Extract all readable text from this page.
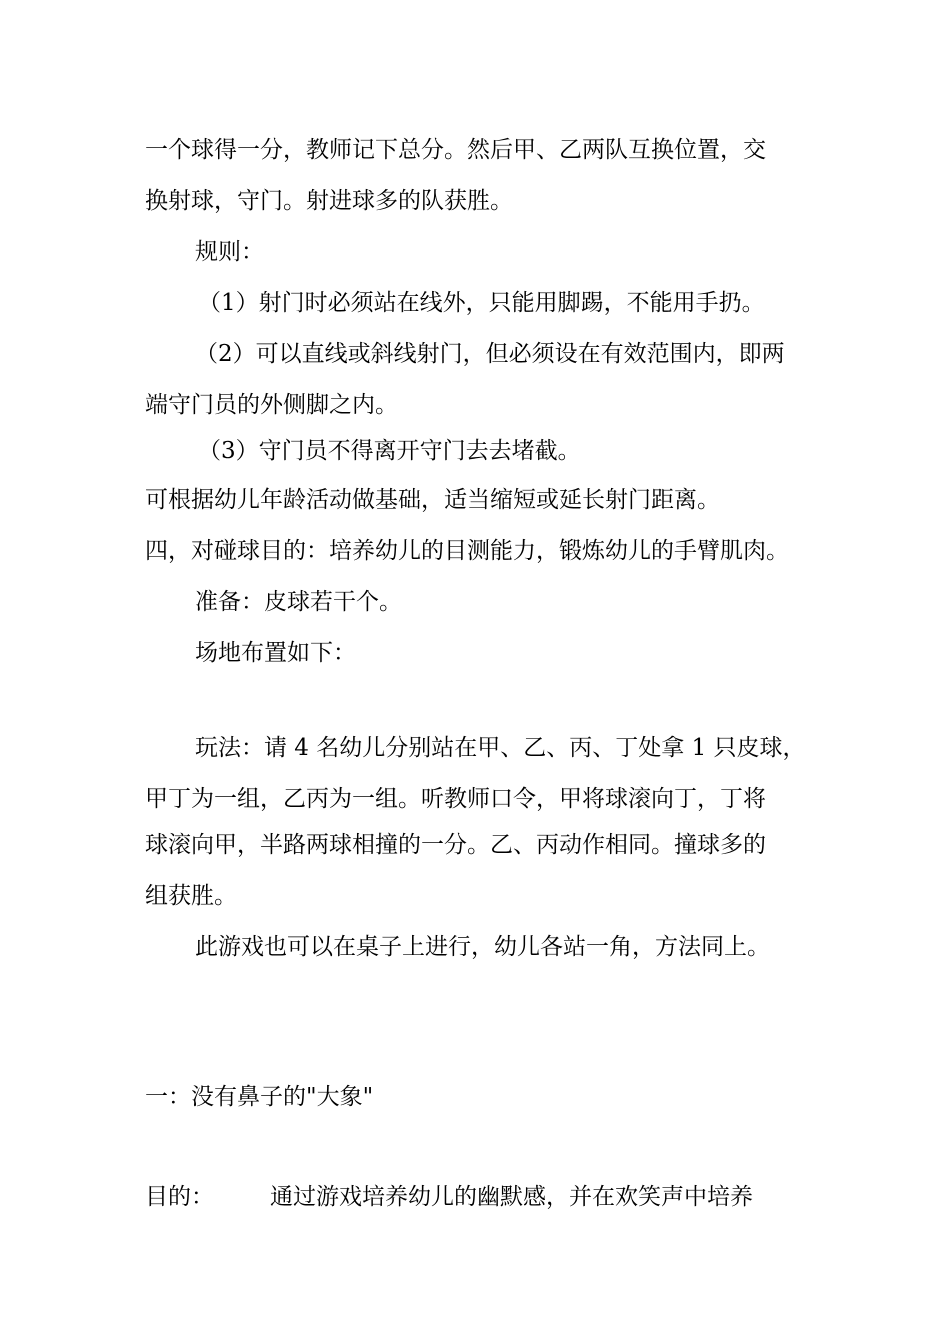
一个球得一分，教师记下总分。然后甲、乙两队互换位置，交
换射球，守门。射进球多的队获胜。
规则：
（1）射门时必须站在线外，只能用脚踢，不能用手扔。
（2）可以直线或斜线射门，但必须设在有效范围内，即两
端守门员的外侧脚之内。
（3）守门员不得离开守门去去堵截。
可根据幼儿年龄活动做基础，适当缩短或延长射门距离。
四，对碰球目的：培养幼儿的目测能力，锻炼幼儿的手臂肌肉。
准备：皮球若干个。
场地布置如下：
玩法：请 4 名幼儿分别站在甲、乙、丙、丁处拿 1 只皮球，
甲丁为一组，乙丙为一组。听教师口令，甲将球滚向丁，丁将
球滚向甲，半路两球相撞的一分。乙、丙动作相同。撞球多的
组获胜。
此游戏也可以在桌子上进行，幼儿各站一角，方法同上。
一：没有鼻子的"大象"
目的： 通过游戏培养幼儿的幽默感，并在欢笑声中培养
